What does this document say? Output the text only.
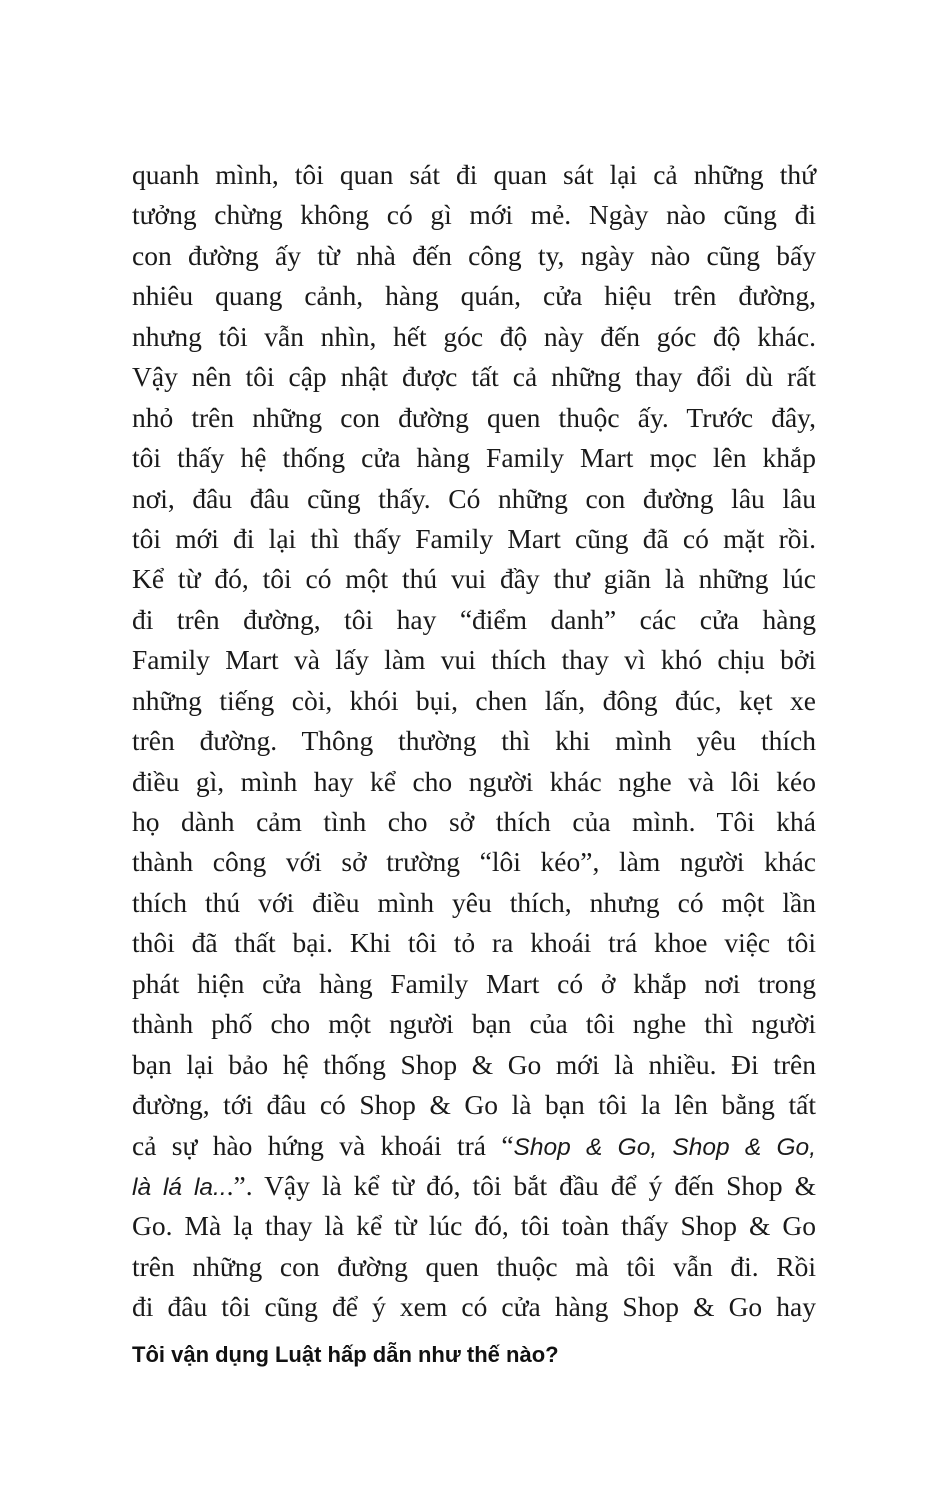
quanh mình, tôi quan sát đi quan sát lại cả những thứ
tưởng chừng không có gì mới mẻ. Ngày nào cũng đi
con đường ấy từ nhà đến công ty, ngày nào cũng bấy
nhiêu quang cảnh, hàng quán, cửa hiệu trên đường,
nhưng tôi vẫn nhìn, hết góc độ này đến góc độ khác.
Vậy nên tôi cập nhật được tất cả những thay đổi dù rất
nhỏ trên những con đường quen thuộc ấy. Trước đây,
tôi thấy hệ thống cửa hàng Family Mart mọc lên khắp
nơi, đâu đâu cũng thấy. Có những con đường lâu lâu
tôi mới đi lại thì thấy Family Mart cũng đã có mặt rồi.
Kể từ đó, tôi có một thú vui đầy thư giãn là những lúc
đi trên đường, tôi hay “điểm danh” các cửa hàng
Family Mart và lấy làm vui thích thay vì khó chịu bởi
những tiếng còi, khói bụi, chen lấn, đông đúc, kẹt xe
trên đường. Thông thường thì khi mình yêu thích
điều gì, mình hay kể cho người khác nghe và lôi kéo
họ dành cảm tình cho sở thích của mình. Tôi khá
thành công với sở trường “lôi kéo”, làm người khác
thích thú với điều mình yêu thích, nhưng có một lần
thôi đã thất bại. Khi tôi tỏ ra khoái trá khoe việc tôi
phát hiện cửa hàng Family Mart có ở khắp nơi trong
thành phố cho một người bạn của tôi nghe thì người
bạn lại bảo hệ thống Shop & Go mới là nhiều. Đi trên
đường, tới đâu có Shop & Go là bạn tôi la lên bằng tất
cả sự hào hứng và khoái trá “Shop & Go, Shop & Go,
là lá la...”. Vậy là kể từ đó, tôi bắt đầu để ý đến Shop &
Go. Mà lạ thay là kể từ lúc đó, tôi toàn thấy Shop & Go
trên những con đường quen thuộc mà tôi vẫn đi. Rồi
đi đâu tôi cũng để ý xem có cửa hàng Shop & Go hay

Tôi vận dụng Luật hấp dẫn như thế nào?
